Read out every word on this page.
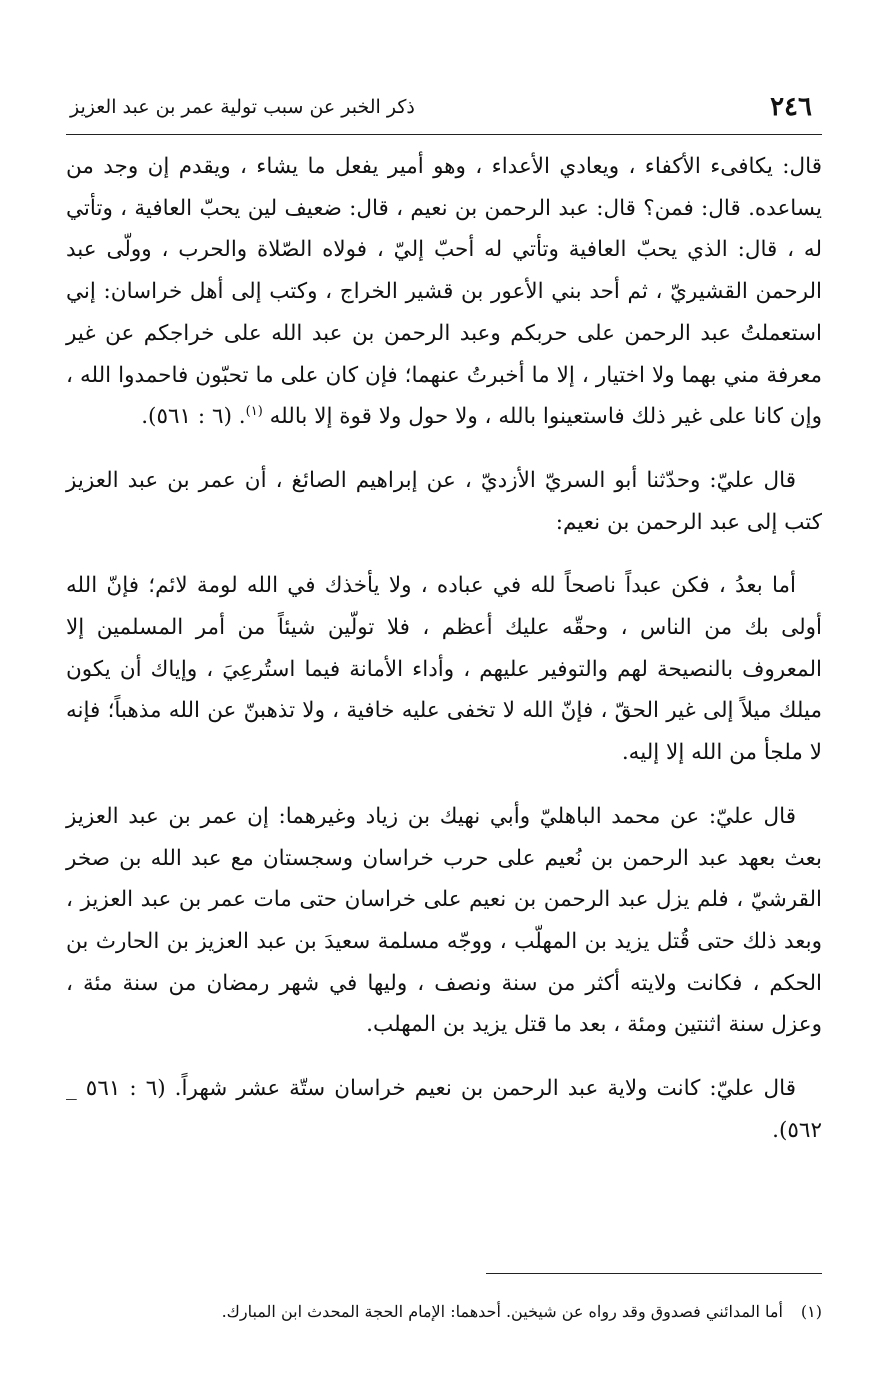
٢٤٦
ذكر الخبر عن سبب تولية عمر بن عبد العزيز

قال: يكافىء الأكفاء ، ويعادي الأعداء ، وهو أمير يفعل ما يشاء ، ويقدم إن وجد من يساعده. قال: فمن؟ قال: عبد الرحمن بن نعيم ، قال: ضعيف لين يحبّ العافية ، وتأتي له ، قال: الذي يحبّ العافية وتأتي له أحبّ إليّ ، فولاه الصّلاة والحرب ، وولّى عبد الرحمن القشيريّ ، ثم أحد بني الأعور بن قشير الخراج ، وكتب إلى أهل خراسان: إني استعملتُ عبد الرحمن على حربكم وعبد الرحمن بن عبد الله على خراجكم عن غير معرفة مني بهما ولا اختيار ، إلا ما أخبرتُ عنهما؛ فإن كان على ما تحبّون فاحمدوا الله ، وإن كانا على غير ذلك فاستعينوا بالله ، ولا حول ولا قوة إلا بالله $^{(١)}$. (٦ : ٥٦١).

قال عليّ: وحدّثنا أبو السريّ الأزديّ ، عن إبراهيم الصائغ ، أن عمر بن عبد العزيز كتب إلى عبد الرحمن بن نعيم:

أما بعدُ ، فكن عبداً ناصحاً لله في عباده ، ولا يأخذك في الله لومة لائم؛ فإنّ الله أولى بك من الناس ، وحقّه عليك أعظم ، فلا تولّين شيئاً من أمر المسلمين إلا المعروف بالنصيحة لهم والتوفير عليهم ، وأداء الأمانة فيما استُرعِيَ ، وإياك أن يكون ميلك ميلاً إلى غير الحقّ ، فإنّ الله لا تخفى عليه خافية ، ولا تذهبنّ عن الله مذهباً؛ فإنه لا ملجأ من الله إلا إليه.

قال عليّ: عن محمد الباهليّ وأبي نهيك بن زياد وغيرهما: إن عمر بن عبد العزيز بعث بعهد عبد الرحمن بن نُعيم على حرب خراسان وسجستان مع عبد الله بن صخر القرشيّ ، فلم يزل عبد الرحمن بن نعيم على خراسان حتى مات عمر بن عبد العزيز ، وبعد ذلك حتى قُتل يزيد بن المهلّب ، ووجّه مسلمة سعيدَ بن عبد العزيز بن الحارث بن الحكم ، فكانت ولايته أكثر من سنة ونصف ، وليها في شهر رمضان من سنة مئة ، وعزل سنة اثنتين ومئة ، بعد ما قتل يزيد بن المهلب.

قال عليّ: كانت ولاية عبد الرحمن بن نعيم خراسان ستّة عشر شهراً. (٦ : ٥٦١ _ ٥٦٢).

(١)أما المدائني فصدوق وقد رواه عن شيخين. أحدهما: الإمام الحجة المحدث ابن المبارك.
